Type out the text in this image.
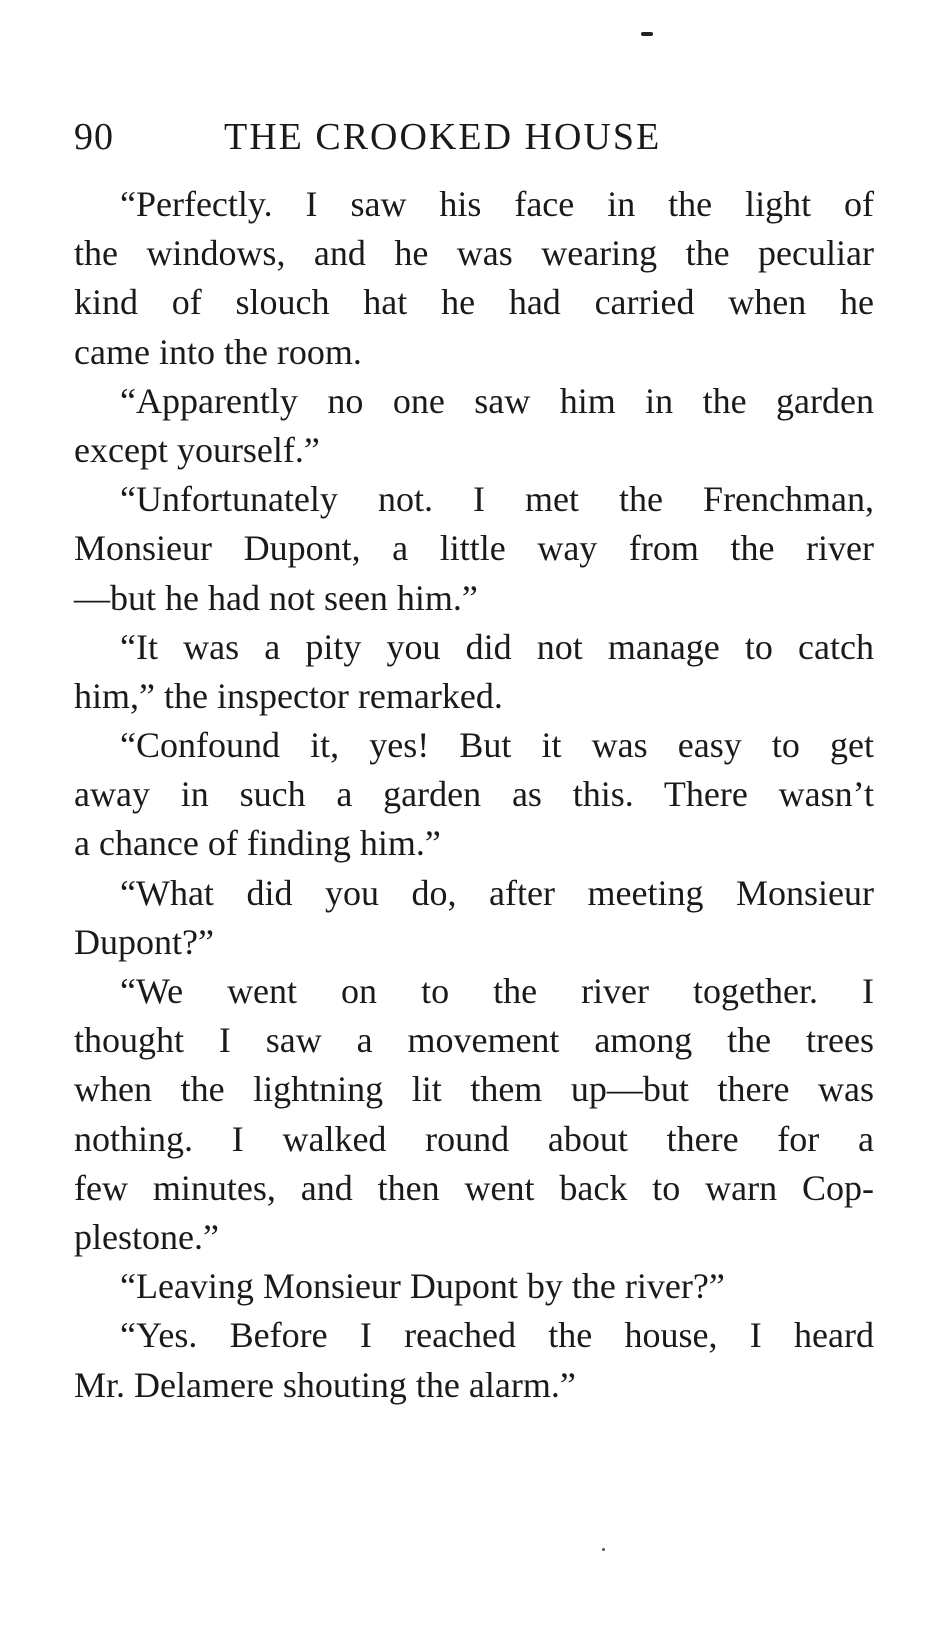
90	THE CROOKED HOUSE
“Perfectly. I saw his face in the light of
the windows, and he was wearing the peculiar
kind of slouch hat he had carried when he
came into the room.
“Apparently no one saw him in the garden
except yourself.”
“Unfortunately not. I met the Frenchman,
Monsieur Dupont, a little way from the river
—but he had not seen him.”
“It was a pity you did not manage to catch
him,” the inspector remarked.
“Confound it, yes! But it was easy to get
away in such a garden as this. There wasn’t
a chance of finding him.”
“What did you do, after meeting Monsieur
Dupont?”
“We went on to the river together. I
thought I saw a movement among the trees
when the lightning lit them up—but there was
nothing. I walked round about there for a
few minutes, and then went back to warn Cop-
plestone.”
“Leaving Monsieur Dupont by the river?”
“Yes. Before I reached the house, I heard
Mr. Delamere shouting the alarm.”
